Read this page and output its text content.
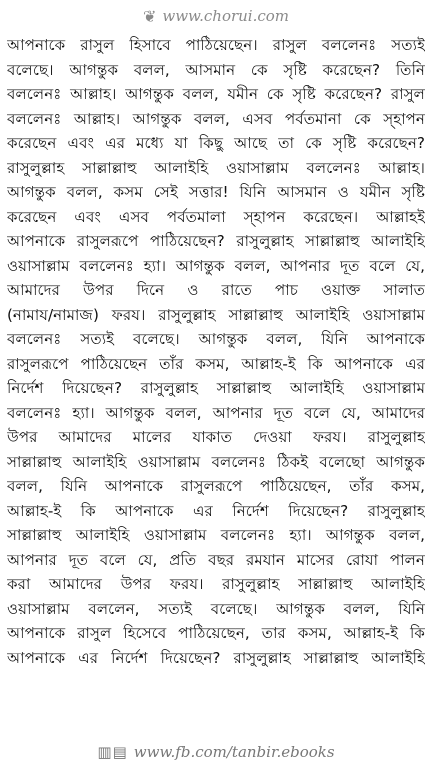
❦ www.chorui.com
আপনাকে রাসুল হিসাবে পাঠিয়েছেন। রাসুল বললেনঃ সত্যই
বলেছে। আগন্তুক বলল, আসমান কে সৃষ্টি করেছেন? তিনি
বললেনঃ আল্লাহ। আগন্তুক বলল, যমীন কে সৃষ্টি করেছেন? রাসুল
বললেনঃ আল্লাহ। আগন্তুক বলল, এসব পর্বতমানা কে স্হাপন
করেছেন এবং এর মধ্যে যা কিছু আছে তা কে সৃষ্টি করেছেন?
রাসুলুল্লাহ সাল্লাল্লাহু আলাইহি ওয়াসাল্লাম বললেনঃ আল্লাহ।
আগন্তুক বলল, কসম সেই সত্তার! যিনি আসমান ও যমীন সৃষ্টি
করেছেন এবং এসব পর্বতমালা স্হাপন করেছেন। আল্লাহই
আপনাকে রাসুলরূপে পাঠিয়েছেন? রাসুলুল্লাহ সাল্লাল্লাহু আলাইহি
ওয়াসাল্লাম বললেনঃ হ্যা। আগন্তুক বলল, আপনার দূত বলে যে,
আমাদের উপর দিনে ও রাতে পাচ ওয়াক্ত সালাত
(নামায/নামাজ) ফরয। রাসুলুল্লাহ সাল্লাল্লাহু আলাইহি ওয়াসাল্লাম
বললেনঃ সত্যই বলেছে। আগন্তুক বলল, যিনি আপনাকে
রাসুলরূপে পাঠিয়েছেন তাঁর কসম, আল্লাহ-ই কি আপনাকে এর
নির্দেশ দিয়েছেন? রাসুলুল্লাহ সাল্লাল্লাহু আলাইহি ওয়াসাল্লাম
বললেনঃ হ্যা। আগন্তুক বলল, আপনার দূত বলে যে, আমাদের
উপর আমাদের মালের যাকাত দেওয়া ফরয। রাসুলুল্লাহ
সাল্লাল্লাহু আলাইহি ওয়াসাল্লাম বললেনঃ ঠিকই বলেছো আগন্তুক
বলল, যিনি আপনাকে রাসুলরূপে পাঠিয়েছেন, তাঁর কসম,
আল্লাহ-ই কি আপনাকে এর নির্দেশ দিয়েছেন? রাসুলুল্লাহ
সাল্লাল্লাহু আলাইহি ওয়াসাল্লাম বললেনঃ হ্যা। আগন্তুক বলল,
আপনার দূত বলে যে, প্রতি বছর রমযান মাসের রোযা পালন
করা আমাদের উপর ফরয। রাসুলুল্লাহ সাল্লাল্লাহু আলাইহি
ওয়াসাল্লাম বললেন, সত্যই বলেছে। আগন্তুক বলল, যিনি
আপনাকে রাসুল হিসেবে পাঠিয়েছেন, তার কসম, আল্লাহ-ই কি
আপনাকে এর নির্দেশ দিয়েছেন? রাসুলুল্লাহ সাল্লাল্লাহু আলাইহি
▥▤ www.fb.com/tanbir.ebooks
